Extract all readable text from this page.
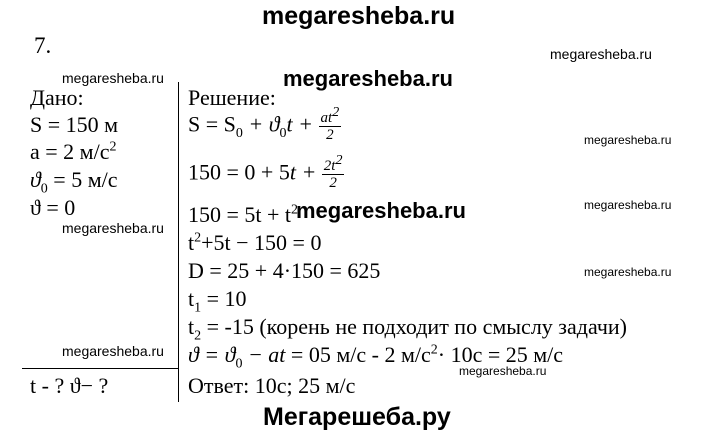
megaresheba.ru
megaresheba.ru
megaresheba.ru	megaresheba.ru
megaresheba.ru
megaresheba.ru	megaresheba.ru
megaresheba.ru
megaresheba.ru
megaresheba.ru
megaresheba.ru
Мегарешеба.ру
7.
Дано:
S = 150 м
a = 2 $м/с^2$
$ϑ_0 = 5$ м/с
ϑ = 0
t - ? ϑ− ?
Решение:
$S = S_0 + ϑ_0t + \frac{at^2}{2}$
$150 = 0 + 5t + \frac{2t^2}{2}$
$150 = 5t + t^2$
$t^2+5t - 150 = 0$
D = 25 + 4·150 = 625
$t_1 = 10$
$t_2 = -15$ (корень не подходит по смыслу задачи)
$ϑ = ϑ_0$ − at = 05 м/с - 2 $м/с^2\cdot 10с = 25$ м/с
Ответ: 10с; 25 м/с
